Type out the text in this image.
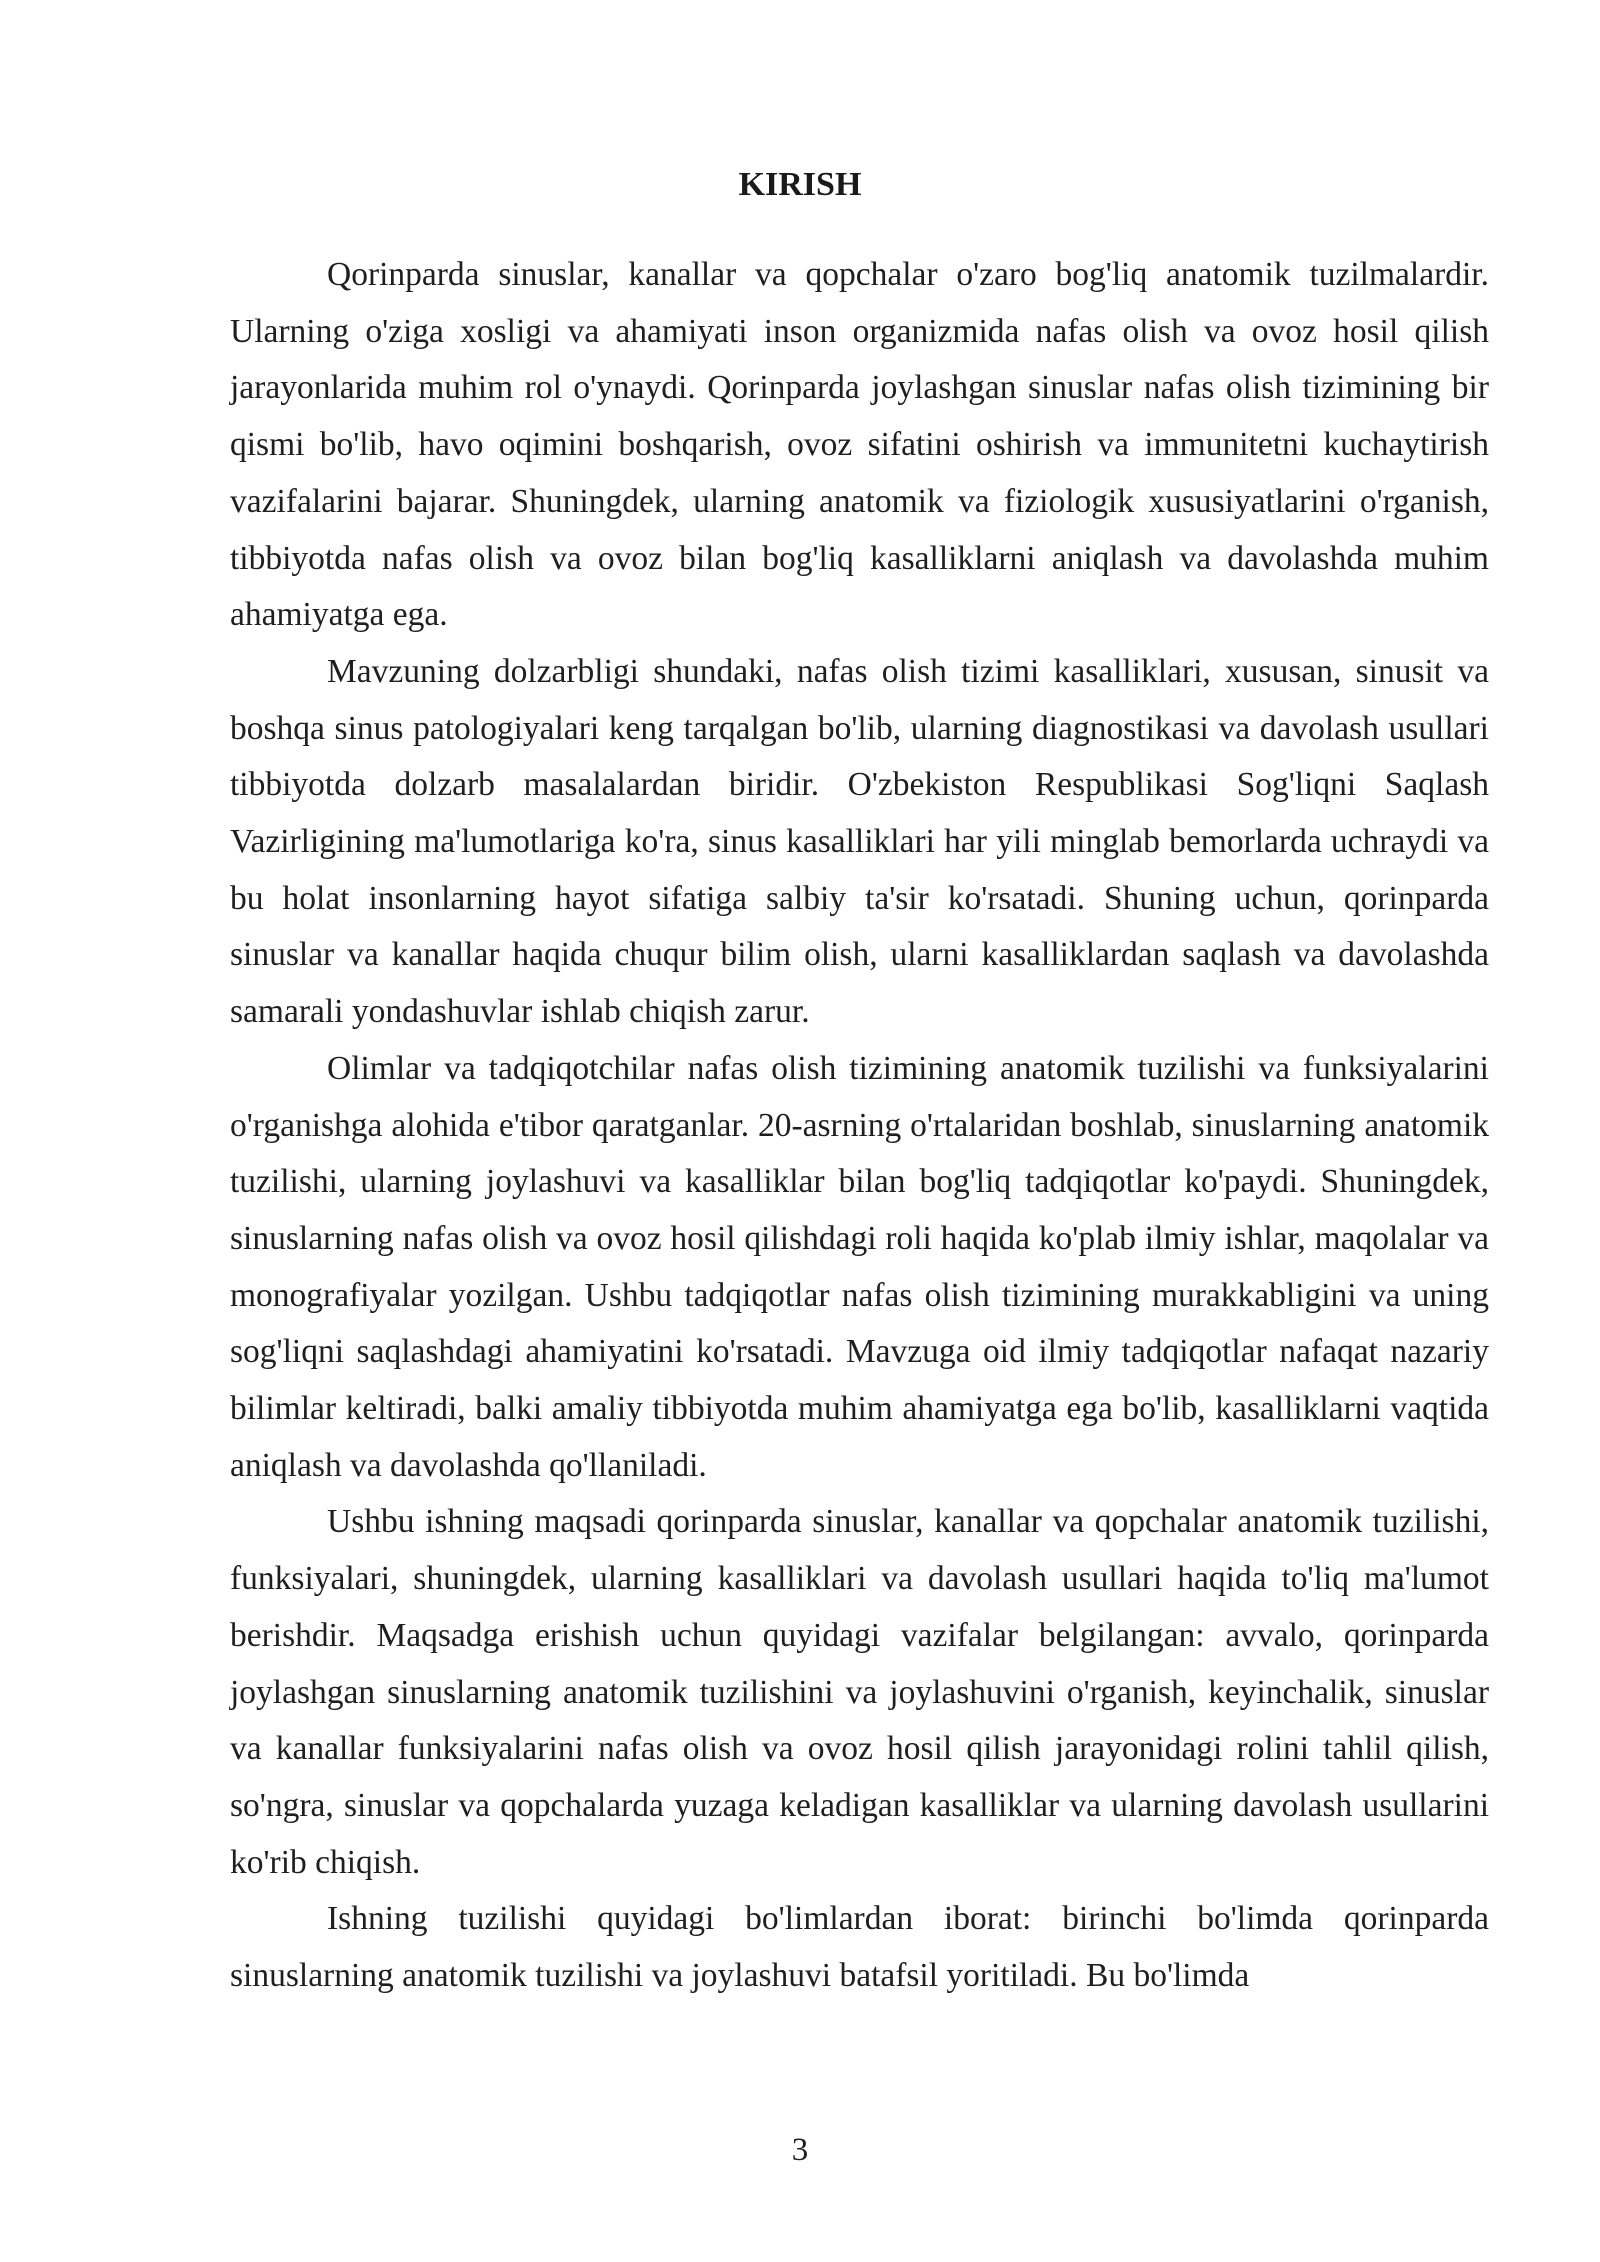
KIRISH

Qorinparda sinuslar, kanallar va qopchalar o'zaro bog'liq anatomik tuzilmalardir. Ularning o'ziga xosligi va ahamiyati inson organizmida nafas olish va ovoz hosil qilish jarayonlarida muhim rol o'ynaydi. Qorinparda joylashgan sinuslar nafas olish tizimining bir qismi bo'lib, havo oqimini boshqarish, ovoz sifatini oshirish va immunitetni kuchaytirish vazifalarini bajarar. Shuningdek, ularning anatomik va fiziologik xususiyatlarini o'rganish, tibbiyotda nafas olish va ovoz bilan bog'liq kasalliklarni aniqlash va davolashda muhim ahamiyatga ega.

Mavzuning dolzarbligi shundaki, nafas olish tizimi kasalliklari, xususan, sinusit va boshqa sinus patologiyalari keng tarqalgan bo'lib, ularning diagnostikasi va davolash usullari tibbiyotda dolzarb masalalardan biridir. O'zbekiston Respublikasi Sog'liqni Saqlash Vazirligining ma'lumotlariga ko'ra, sinus kasalliklari har yili minglab bemorlarda uchraydi va bu holat insonlarning hayot sifatiga salbiy ta'sir ko'rsatadi. Shuning uchun, qorinparda sinuslar va kanallar haqida chuqur bilim olish, ularni kasalliklardan saqlash va davolashda samarali yondashuvlar ishlab chiqish zarur.

Olimlar va tadqiqotchilar nafas olish tizimining anatomik tuzilishi va funksiyalarini o'rganishga alohida e'tibor qaratganlar. 20-asrning o'rtalaridan boshlab, sinuslarning anatomik tuzilishi, ularning joylashuvi va kasalliklar bilan bog'liq tadqiqotlar ko'paydi. Shuningdek, sinuslarning nafas olish va ovoz hosil qilishdagi roli haqida ko'plab ilmiy ishlar, maqolalar va monografiyalar yozilgan. Ushbu tadqiqotlar nafas olish tizimining murakkabligini va uning sog'liqni saqlashdagi ahamiyatini ko'rsatadi. Mavzuga oid ilmiy tadqiqotlar nafaqat nazariy bilimlar keltiradi, balki amaliy tibbiyotda muhim ahamiyatga ega bo'lib, kasalliklarni vaqtida aniqlash va davolashda qo'llaniladi.

Ushbu ishning maqsadi qorinparda sinuslar, kanallar va qopchalar anatomik tuzilishi, funksiyalari, shuningdek, ularning kasalliklari va davolash usullari haqida to'liq ma'lumot berishdir. Maqsadga erishish uchun quyidagi vazifalar belgilangan: avvalo, qorinparda joylashgan sinuslarning anatomik tuzilishini va joylashuvini o'rganish, keyinchalik, sinuslar va kanallar funksiyalarini nafas olish va ovoz hosil qilish jarayonidagi rolini tahlil qilish, so'ngra, sinuslar va qopchalarda yuzaga keladigan kasalliklar va ularning davolash usullarini ko'rib chiqish.

Ishning tuzilishi quyidagi bo'limlardan iborat: birinchi bo'limda qorinparda sinuslarning anatomik tuzilishi va joylashuvi batafsil yoritiladi. Bu bo'limda

3
